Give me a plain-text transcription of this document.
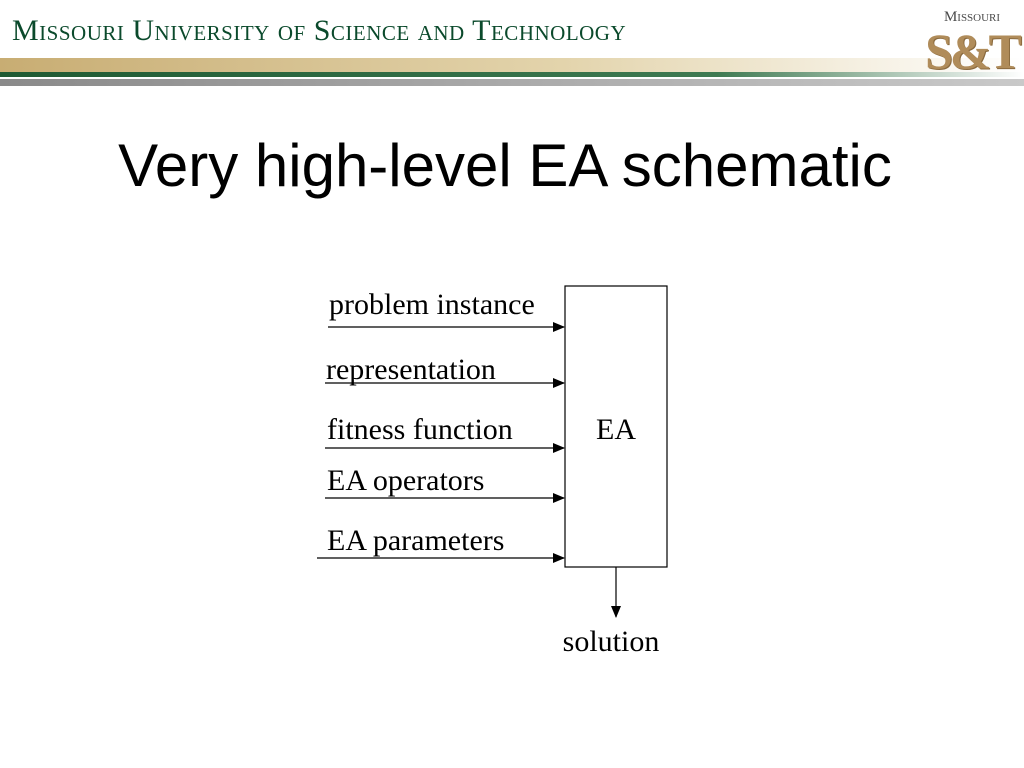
Missouri University of Science and Technology	Missouri
S&T
Very high-level EA schematic
EA
problem instance
representation
fitness function
EA operators
EA parameters
solution
